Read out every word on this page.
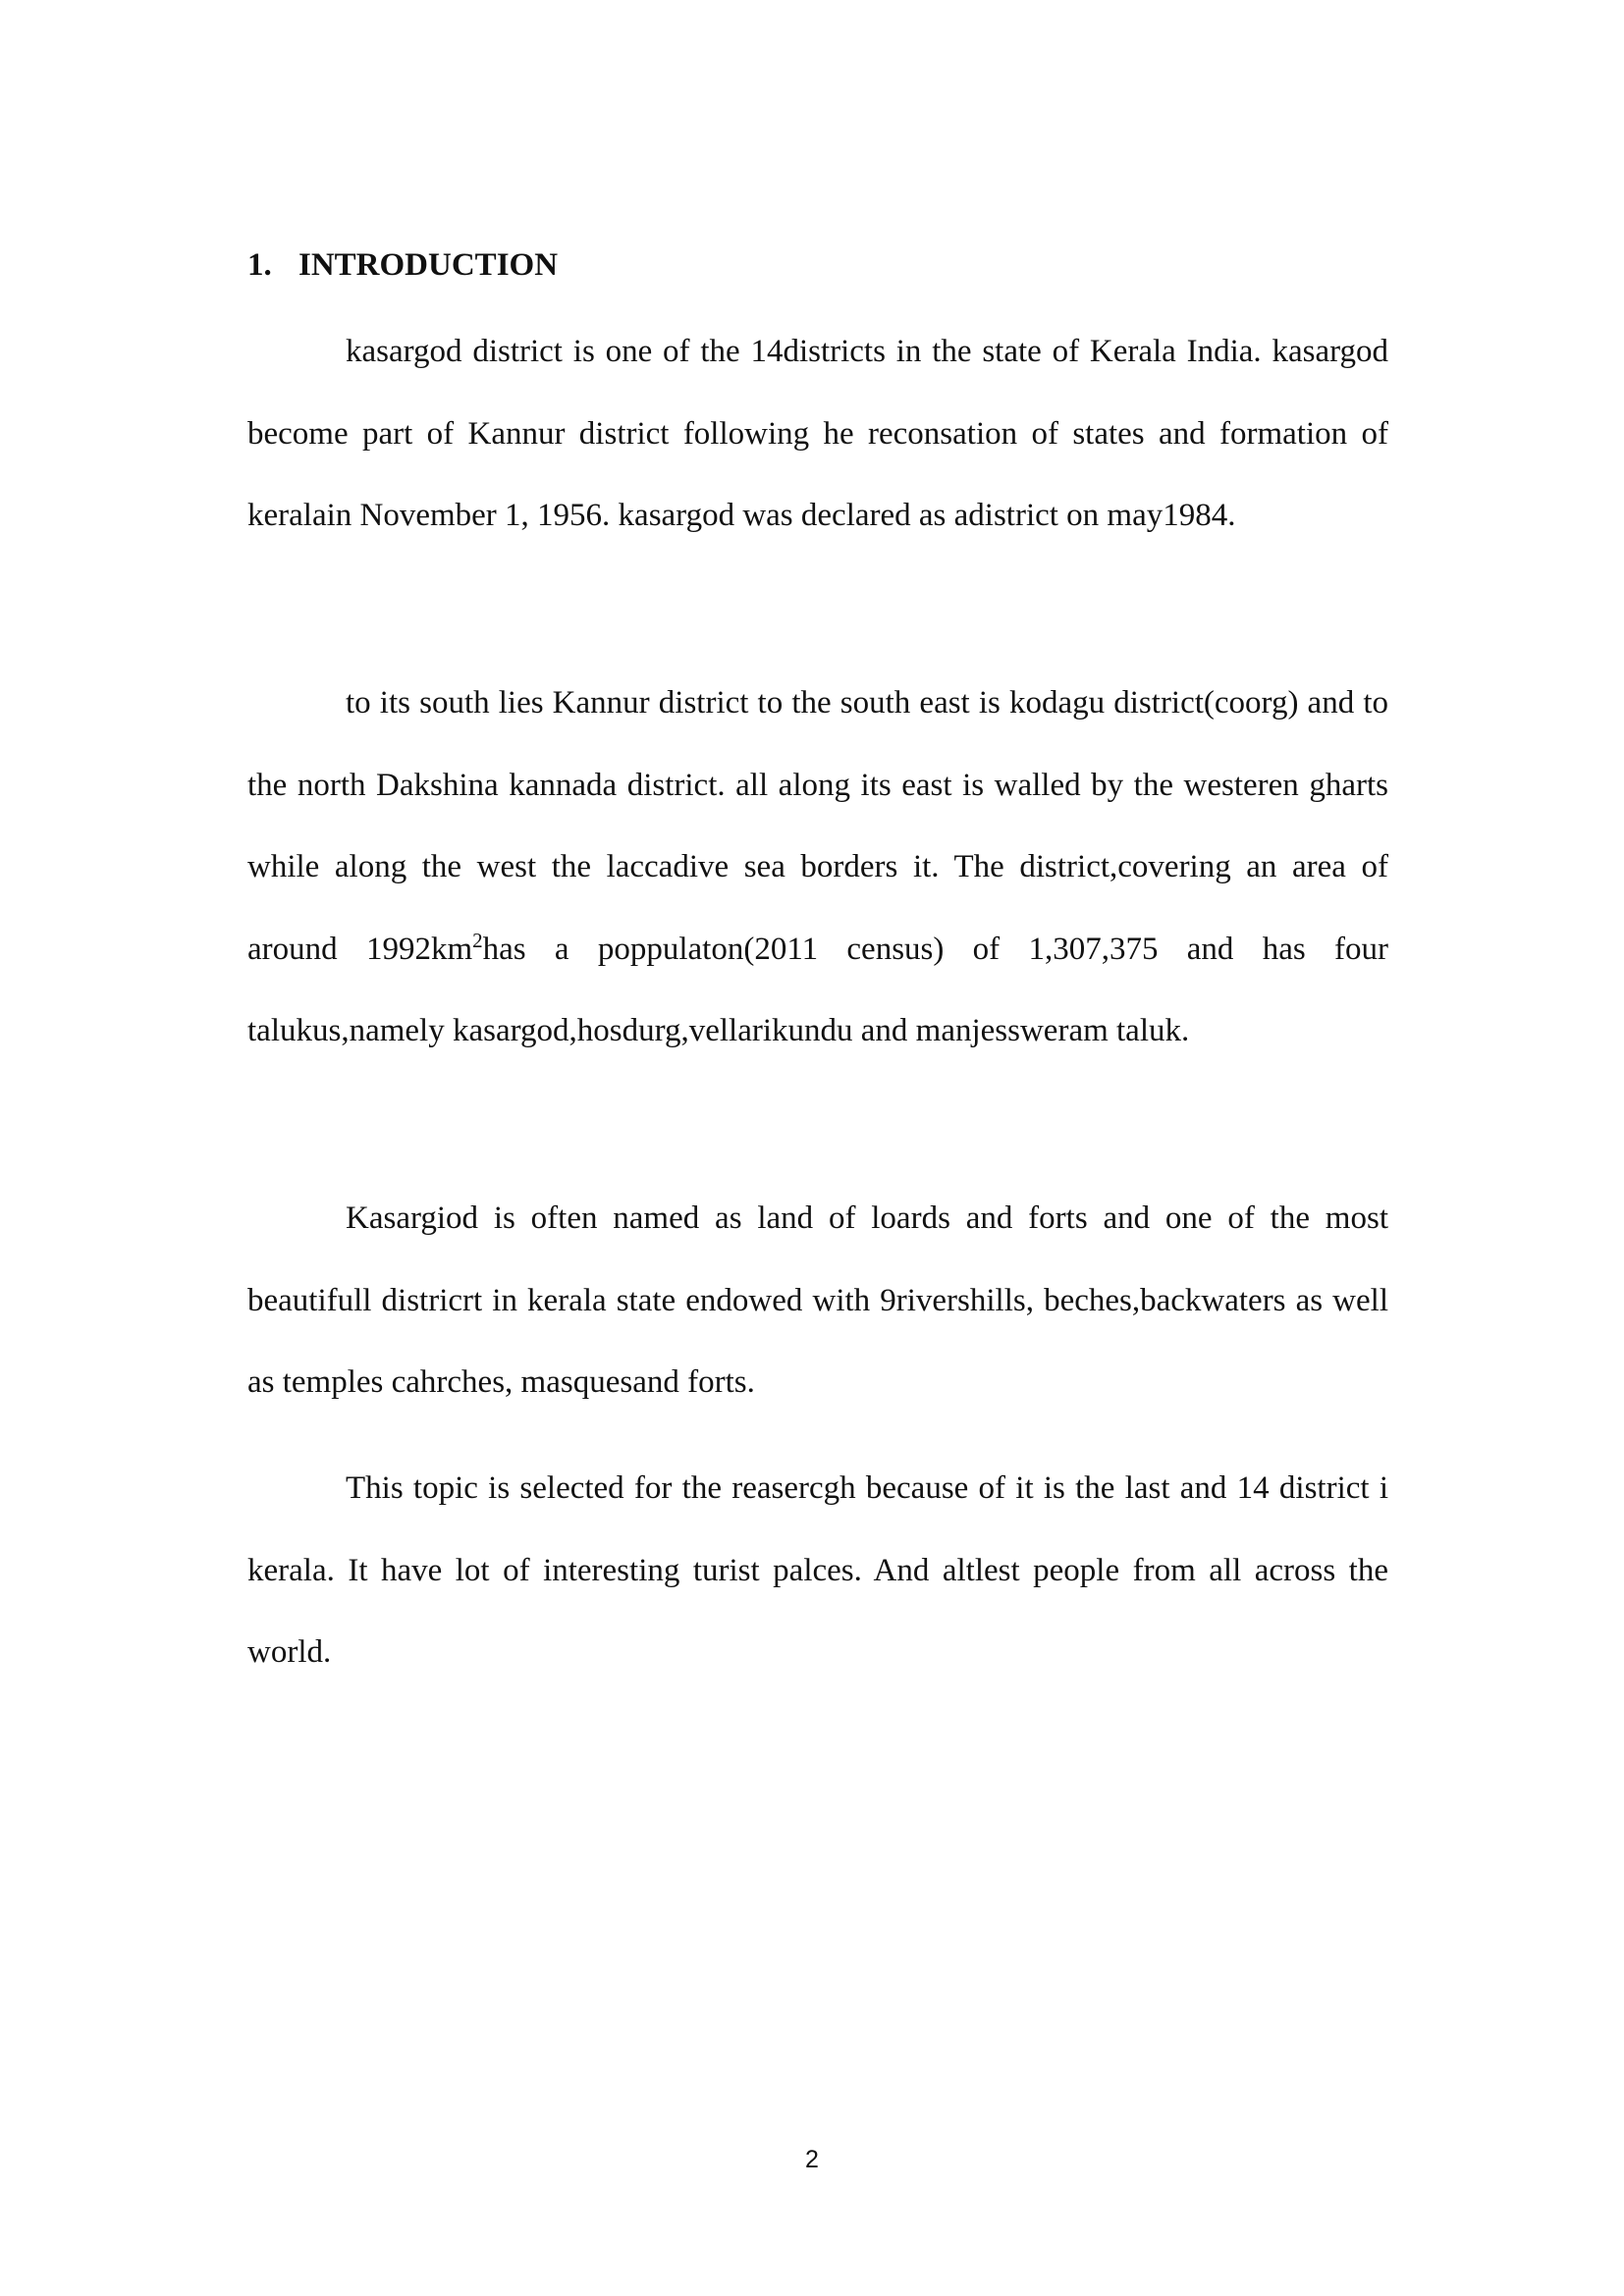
1. INTRODUCTION

kasargod district is one of the 14districts in the state of Kerala India. kasargod become part of Kannur district following he reconsation of states and formation of keralain November 1, 1956. kasargod was declared as adistrict on may1984.

to its south lies Kannur district to the south east is kodagu district(coorg) and to the north Dakshina kannada district. all along its east is walled by the westeren gharts while along the west the laccadive sea borders it. The district,covering an area of around $1992km^2has$ a poppulaton(2011 census) of 1,307,375 and has four talukus,namely kasargod,hosdurg,vellarikundu and manjessweram taluk.

Kasargiod is often named as land of loards and forts and one of the most beautifull districrt in kerala state endowed with 9rivershills, beches,backwaters as well as temples cahrches, masquesand forts.

This topic is selected for the reasercgh because of it is the last and 14 district i kerala. It have lot of interesting turist palces. And altlest people from all across the world.

2
